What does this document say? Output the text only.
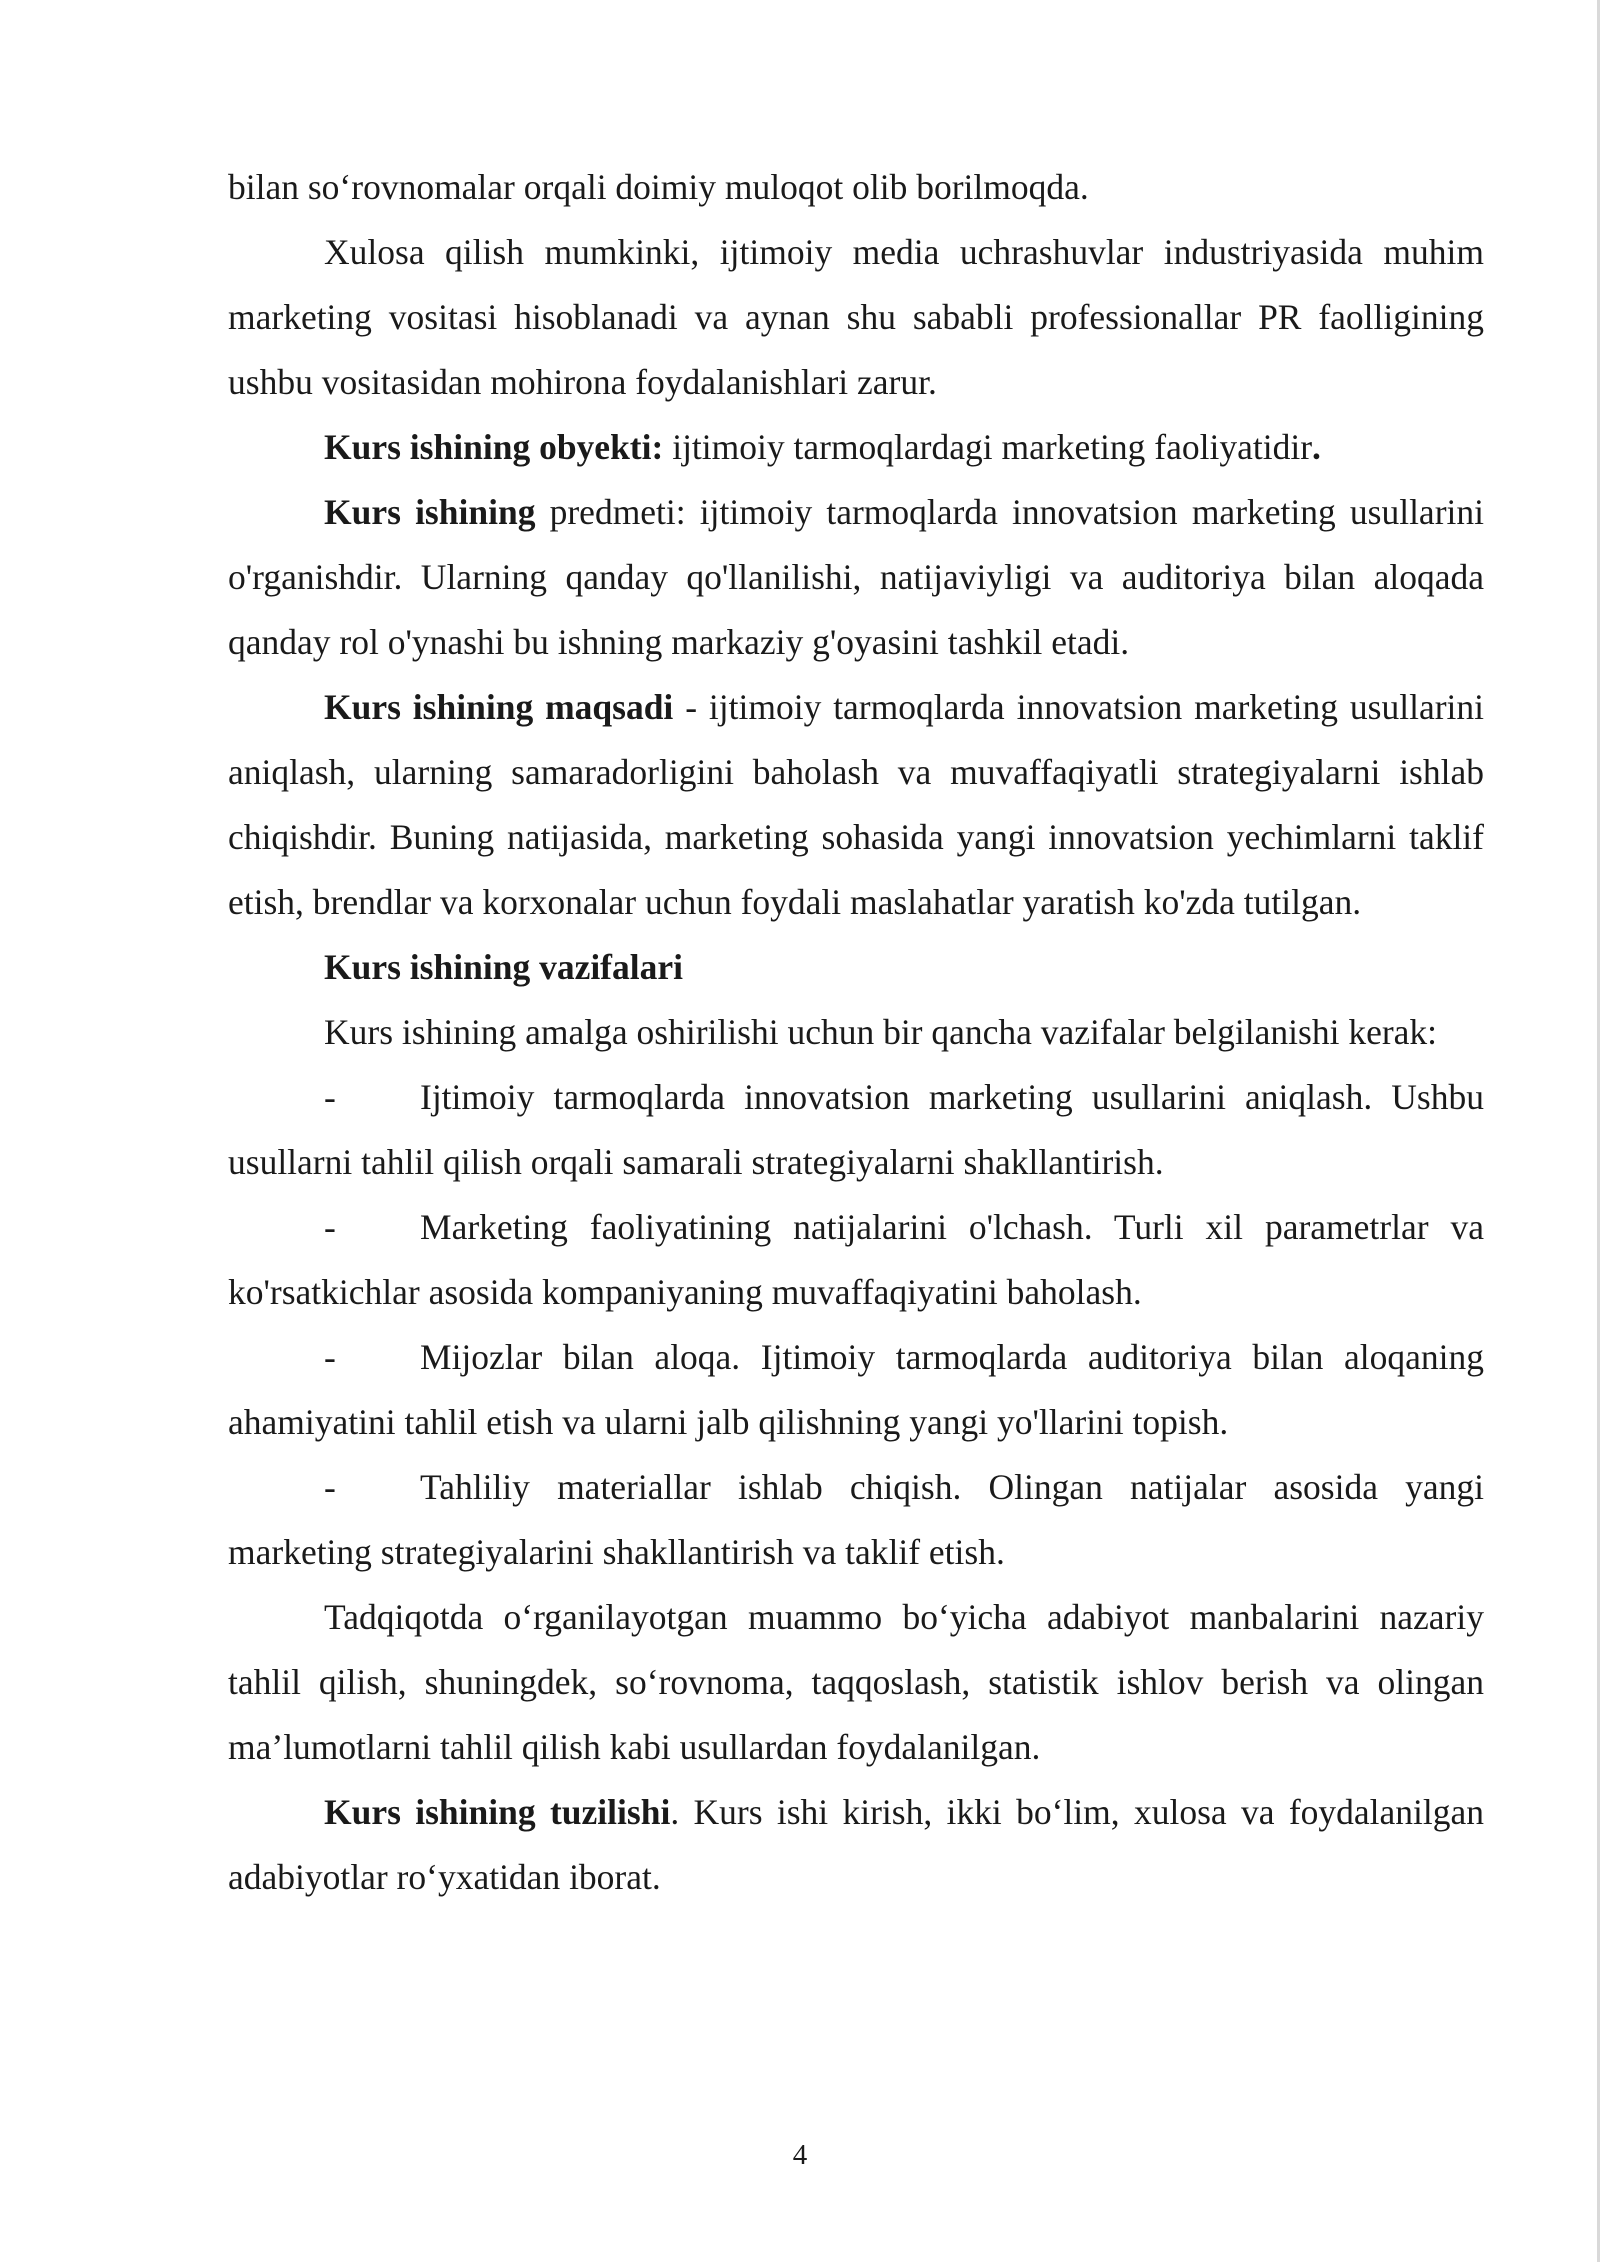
bilan so‘rovnomalar orqali doimiy muloqot olib borilmoqda.

Xulosa qilish mumkinki, ijtimoiy media uchrashuvlar industriyasida muhim marketing vositasi hisoblanadi va aynan shu sababli professionallar PR faolligining ushbu vositasidan mohirona foydalanishlari zarur.

Kurs ishining obyekti: ijtimoiy tarmoqlardagi marketing faoliyatidir.

Kurs ishining predmeti: ijtimoiy tarmoqlarda innovatsion marketing usullarini o'rganishdir. Ularning qanday qo'llanilishi, natijaviyligi va auditoriya bilan aloqada qanday rol o'ynashi bu ishning markaziy g'oyasini tashkil etadi.

Kurs ishining maqsadi - ijtimoiy tarmoqlarda innovatsion marketing usullarini aniqlash, ularning samaradorligini baholash va muvaffaqiyatli strategiyalarni ishlab chiqishdir. Buning natijasida, marketing sohasida yangi innovatsion yechimlarni taklif etish, brendlar va korxonalar uchun foydali maslahatlar yaratish ko'zda tutilgan.

Kurs ishining vazifalari

Kurs ishining amalga oshirilishi uchun bir qancha vazifalar belgilanishi kerak:

- Ijtimoiy tarmoqlarda innovatsion marketing usullarini aniqlash. Ushbu usullarni tahlil qilish orqali samarali strategiyalarni shakllantirish.

- Marketing faoliyatining natijalarini o'lchash. Turli xil parametrlar va ko'rsatkichlar asosida kompaniyaning muvaffaqiyatini baholash.

- Mijozlar bilan aloqa. Ijtimoiy tarmoqlarda auditoriya bilan aloqaning ahamiyatini tahlil etish va ularni jalb qilishning yangi yo'llarini topish.

- Tahliliy materiallar ishlab chiqish. Olingan natijalar asosida yangi marketing strategiyalarini shakllantirish va taklif etish.

Tadqiqotda o‘rganilayotgan muammo bo‘yicha adabiyot manbalarini nazariy tahlil qilish, shuningdek, so‘rovnoma, taqqoslash, statistik ishlov berish va olingan ma’lumotlarni tahlil qilish kabi usullardan foydalanilgan.

Kurs ishining tuzilishi. Kurs ishi kirish, ikki bo‘lim, xulosa va foydalanilgan adabiyotlar ro‘yxatidan iborat.

4
